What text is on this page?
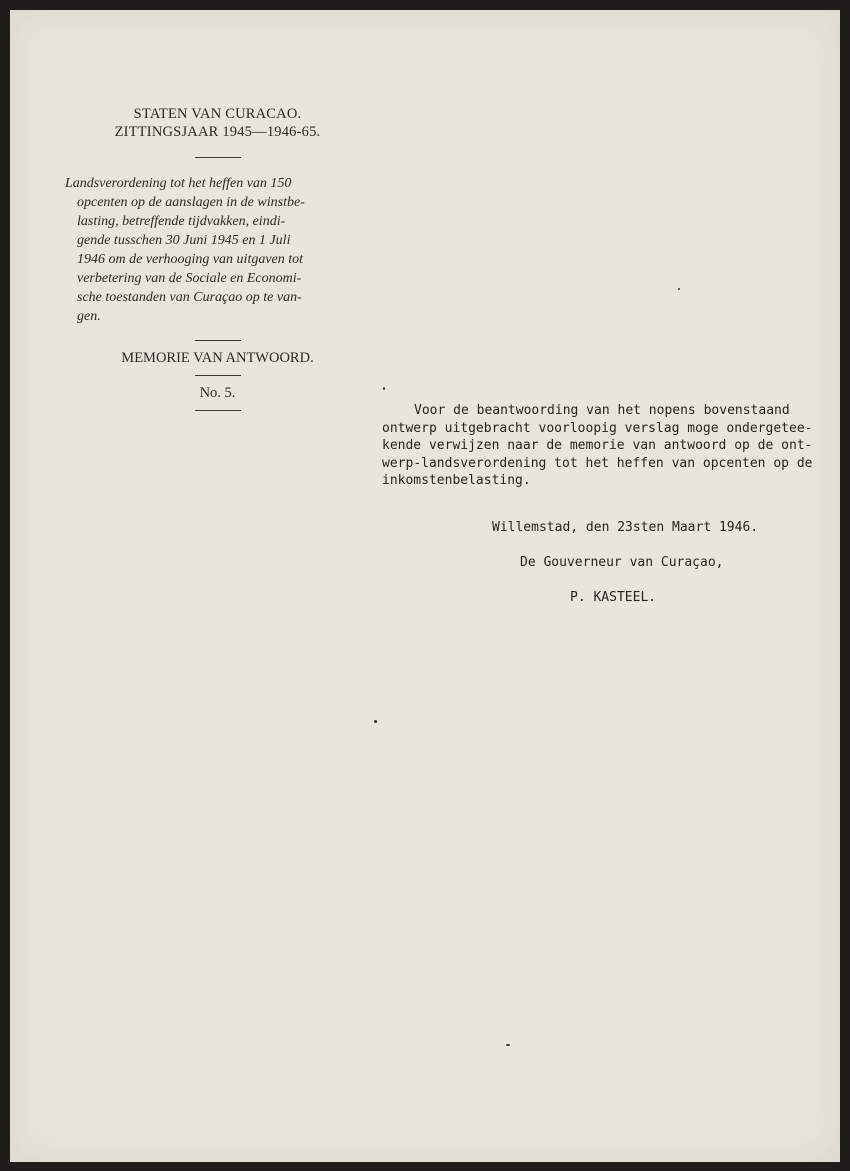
STATEN VAN CURACAO.
ZITTINGSJAAR 1945—1946-65.
Landsverordening tot het heffen van 150
opcenten op de aanslagen in de winstbe-
lasting, betreffende tijdvakken, eindi-
gende tusschen 30 Juni 1945 en 1 Juli
1946 om de verhooging van uitgaven tot
verbetering van de Sociale en Economi-
sche toestanden van Curaçao op te van-
gen.
MEMORIE VAN ANTWOORD.
No. 5.

Voor de beantwoording van het nopens bovenstaand
ontwerp uitgebracht voorloopig verslag moge ondergetee-
kende verwijzen naar de memorie van antwoord op de ont-
werp-landsverordening tot het heffen van opcenten op de
inkomstenbelasting.

Willemstad, den 23sten Maart 1946.
De Gouverneur van Curaçao,
P. KASTEEL.
